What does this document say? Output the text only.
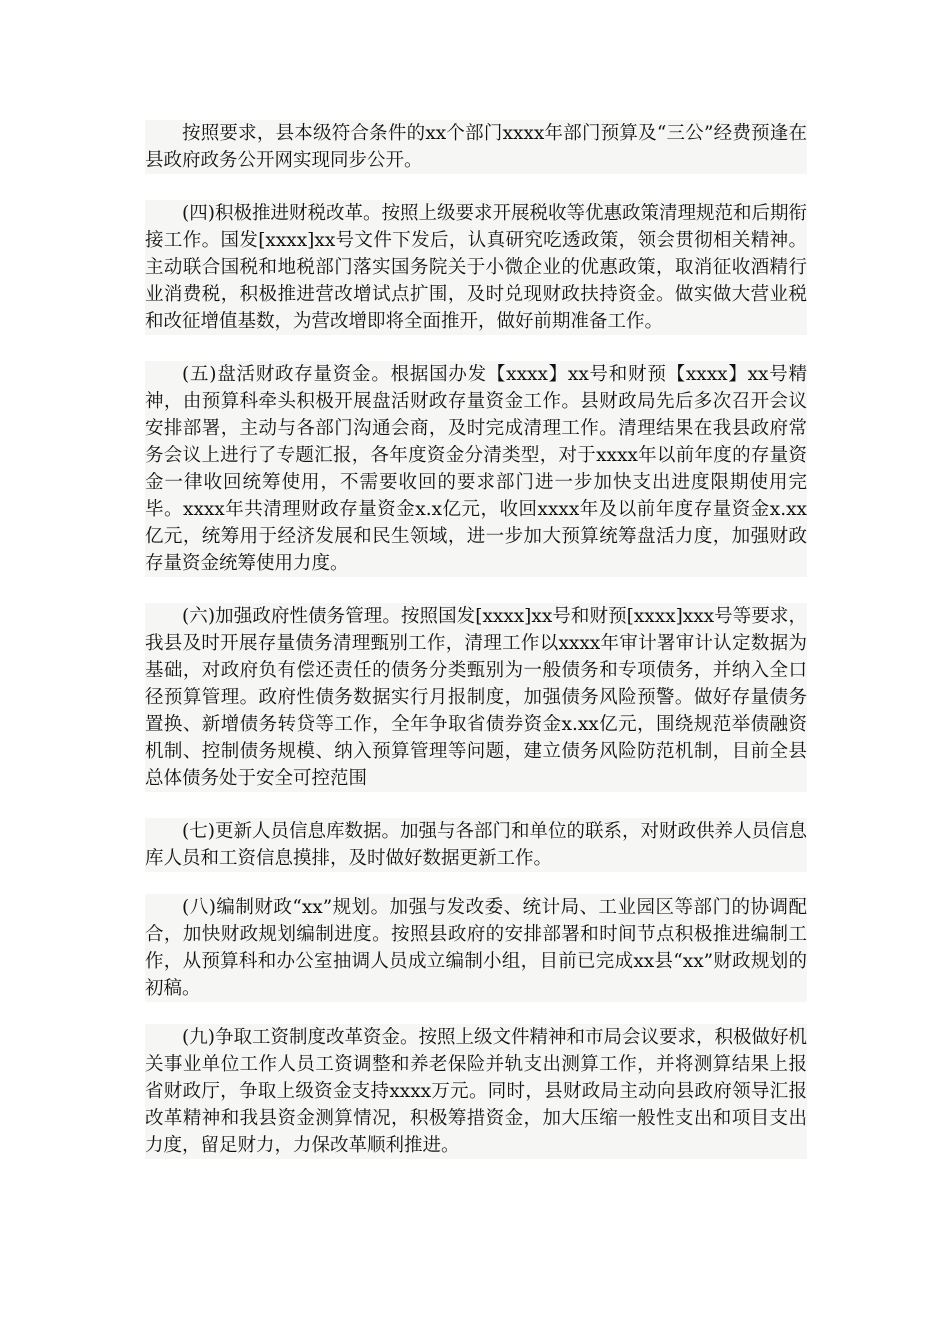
按照要求，县本级符合条件的xx个部门xxxx年部门预算及“三公”经费预逢在县政府政务公开网实现同步公开。

(四)积极推进财税改革。按照上级要求开展税收等优惠政策清理规范和后期衔接工作。国发[xxxx]xx号文件下发后，认真研究吃透政策，领会贯彻相关精神。主动联合国税和地税部门落实国务院关于小微企业的优惠政策，取消征收酒精行业消费税，积极推进营改增试点扩围，及时兑现财政扶持资金。做实做大营业税和改征增值基数，为营改增即将全面推开，做好前期准备工作。

(五)盘活财政存量资金。根据国办发【xxxx】xx号和财预【xxxx】xx号精神，由预算科牵头积极开展盘活财政存量资金工作。县财政局先后多次召开会议安排部署，主动与各部门沟通会商，及时完成清理工作。清理结果在我县政府常务会议上进行了专题汇报，各年度资金分清类型，对于xxxx年以前年度的存量资金一律收回统筹使用，不需要收回的要求部门进一步加快支出进度限期使用完毕。xxxx年共清理财政存量资金x.x亿元，收回xxxx年及以前年度存量资金x.xx亿元，统筹用于经济发展和民生领域，进一步加大预算统筹盘活力度，加强财政存量资金统筹使用力度。

(六)加强政府性债务管理。按照国发[xxxx]xx号和财预[xxxx]xxx号等要求，我县及时开展存量债务清理甄别工作，清理工作以xxxx年审计署审计认定数据为基础，对政府负有偿还责任的债务分类甄别为一般债务和专项债务，并纳入全口径预算管理。政府性债务数据实行月报制度，加强债务风险预警。做好存量债务置换、新增债务转贷等工作，全年争取省债券资金x.xx亿元，围绕规范举债融资机制、控制债务规模、纳入预算管理等问题，建立债务风险防范机制，目前全县总体债务处于安全可控范围

(七)更新人员信息库数据。加强与各部门和单位的联系，对财政供养人员信息库人员和工资信息摸排，及时做好数据更新工作。

(八)编制财政“xx”规划。加强与发改委、统计局、工业园区等部门的协调配合，加快财政规划编制进度。按照县政府的安排部署和时间节点积极推进编制工作，从预算科和办公室抽调人员成立编制小组，目前已完成xx县“xx”财政规划的初稿。

(九)争取工资制度改革资金。按照上级文件精神和市局会议要求，积极做好机关事业单位工作人员工资调整和养老保险并轨支出测算工作，并将测算结果上报省财政厅，争取上级资金支持xxxx万元。同时，县财政局主动向县政府领导汇报改革精神和我县资金测算情况，积极筹措资金，加大压缩一般性支出和项目支出力度，留足财力，力保改革顺利推进。
